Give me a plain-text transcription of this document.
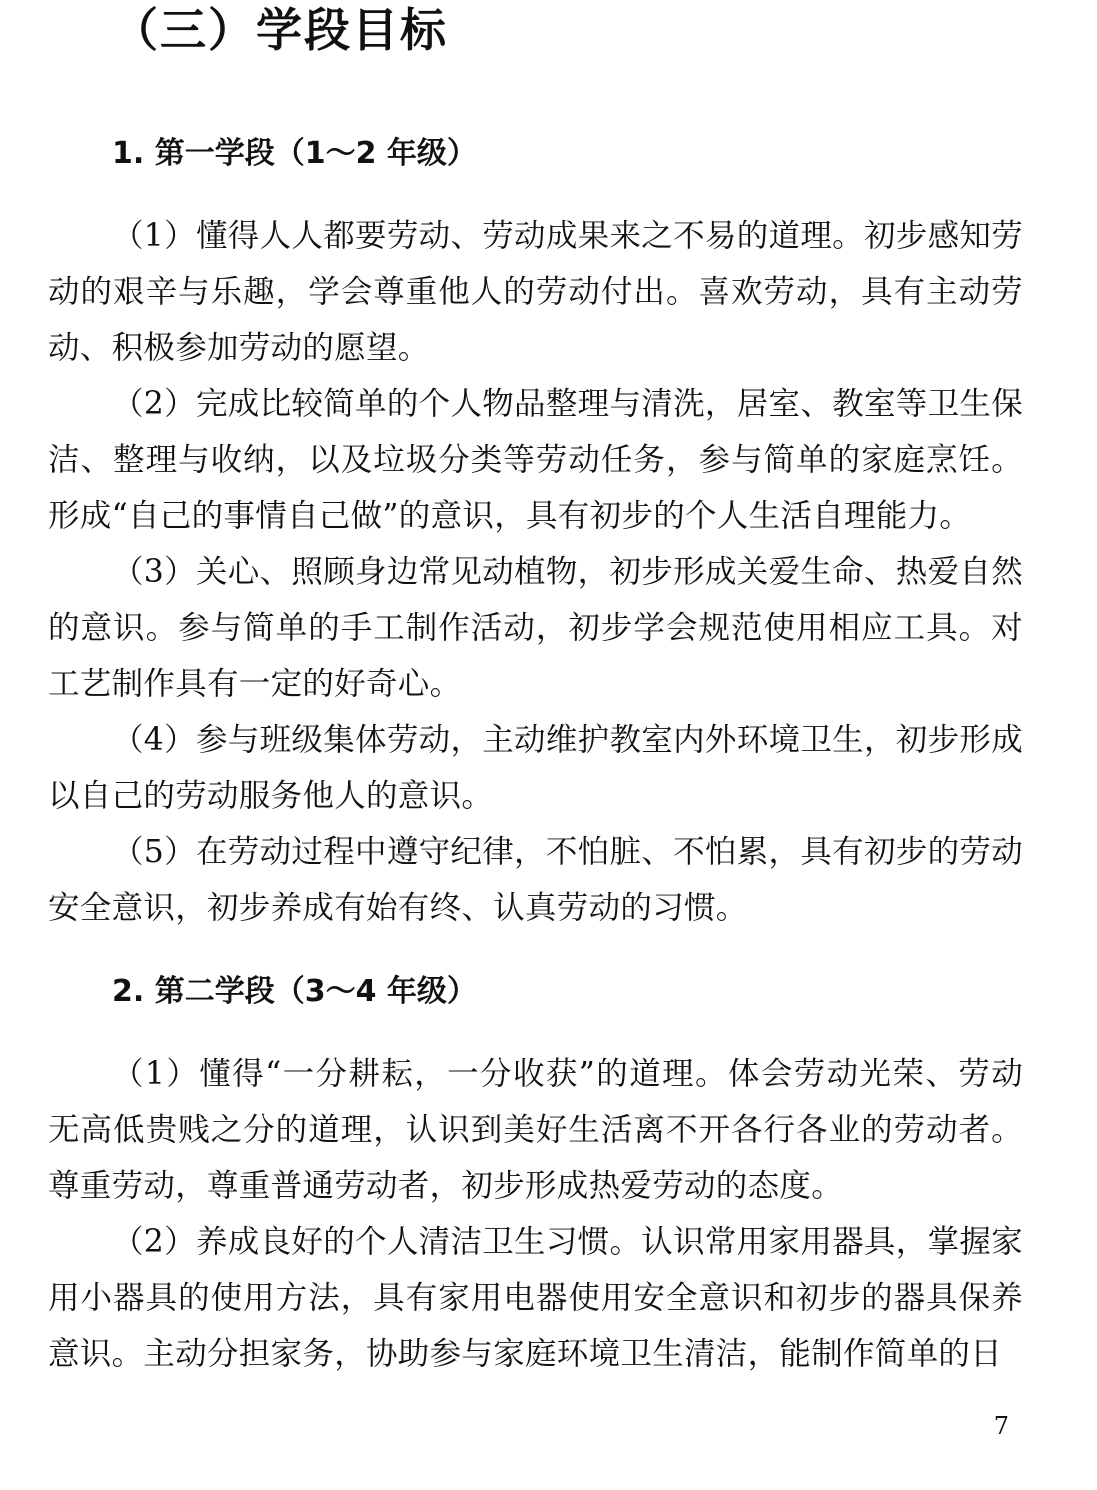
（三）学段目标
1. 第一学段（1～2 年级）

（1）懂得人人都要劳动、劳动成果来之不易的道理。初步感知劳动的艰辛与乐趣，学会尊重他人的劳动付出。喜欢劳动，具有主动劳动、积极参加劳动的愿望。

（2）完成比较简单的个人物品整理与清洗，居室、教室等卫生保洁、整理与收纳，以及垃圾分类等劳动任务，参与简单的家庭烹饪。形成“自己的事情自己做”的意识，具有初步的个人生活自理能力。

（3）关心、照顾身边常见动植物，初步形成关爱生命、热爱自然的意识。参与简单的手工制作活动，初步学会规范使用相应工具。对工艺制作具有一定的好奇心。

（4）参与班级集体劳动，主动维护教室内外环境卫生，初步形成以自己的劳动服务他人的意识。

（5）在劳动过程中遵守纪律，不怕脏、不怕累，具有初步的劳动安全意识，初步养成有始有终、认真劳动的习惯。

2. 第二学段（3～4 年级）

（1）懂得“一分耕耘，一分收获”的道理。体会劳动光荣、劳动无高低贵贱之分的道理，认识到美好生活离不开各行各业的劳动者。尊重劳动，尊重普通劳动者，初步形成热爱劳动的态度。

（2）养成良好的个人清洁卫生习惯。认识常用家用器具，掌握家用小器具的使用方法，具有家用电器使用安全意识和初步的器具保养意识。主动分担家务，协助参与家庭环境卫生清洁，能制作简单的日

7
